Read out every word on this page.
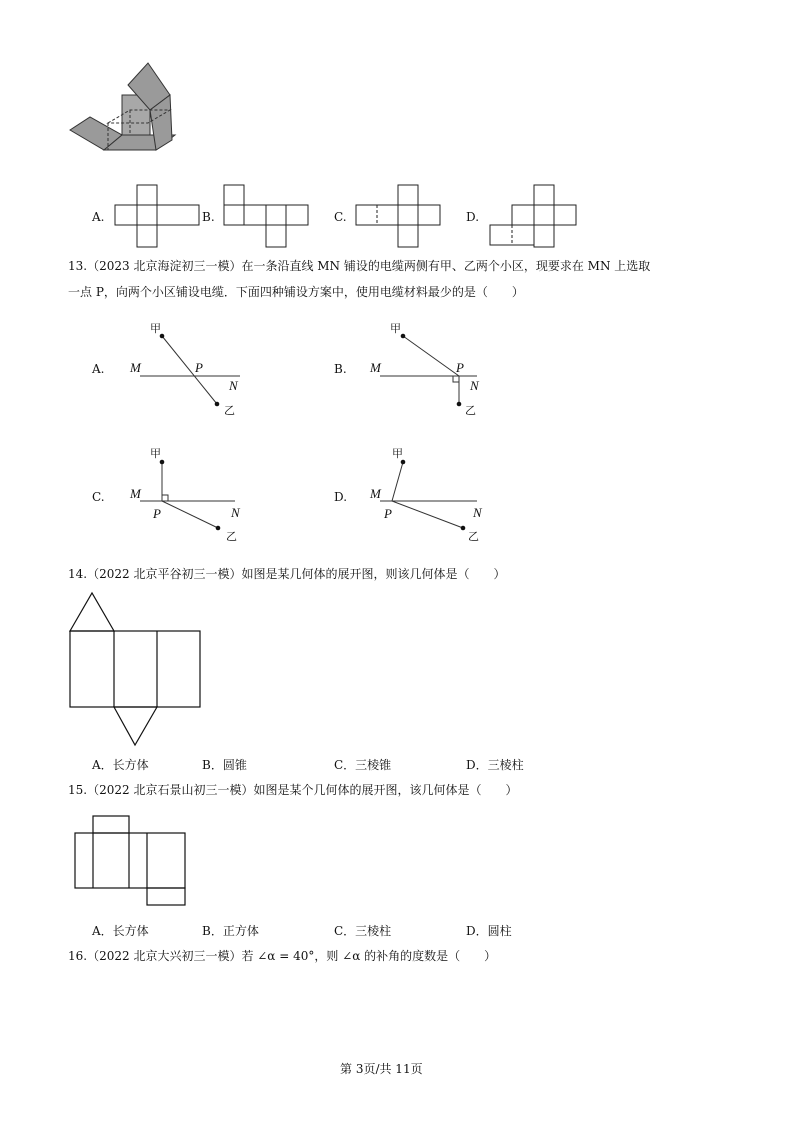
A.	B.	C.	D.
13.（2023 北京海淀初三一模）在一条沿直线 MN 铺设的电缆两侧有甲、乙两个小区，现要求在 MN 上选取
一点 P，向两个小区铺设电缆．下面四种铺设方案中，使用电缆材料最少的是（　　）
A.
甲
M	P
N
乙
B.
甲
M	P
N
乙
C.
甲
M
P	N
乙
D.
甲
M
P	N
乙
14.（2022 北京平谷初三一模）如图是某几何体的展开图，则该几何体是（　　）
A．长方体	B．圆锥	C．三棱锥	D．三棱柱
15.（2022 北京石景山初三一模）如图是某个几何体的展开图，该几何体是（　　）
A．长方体	B．正方体	C．三棱柱	D．圆柱
16.（2022 北京大兴初三一模）若 ∠α = 40°，则 ∠α 的补角的度数是（　　）
第 3页/共 11页
